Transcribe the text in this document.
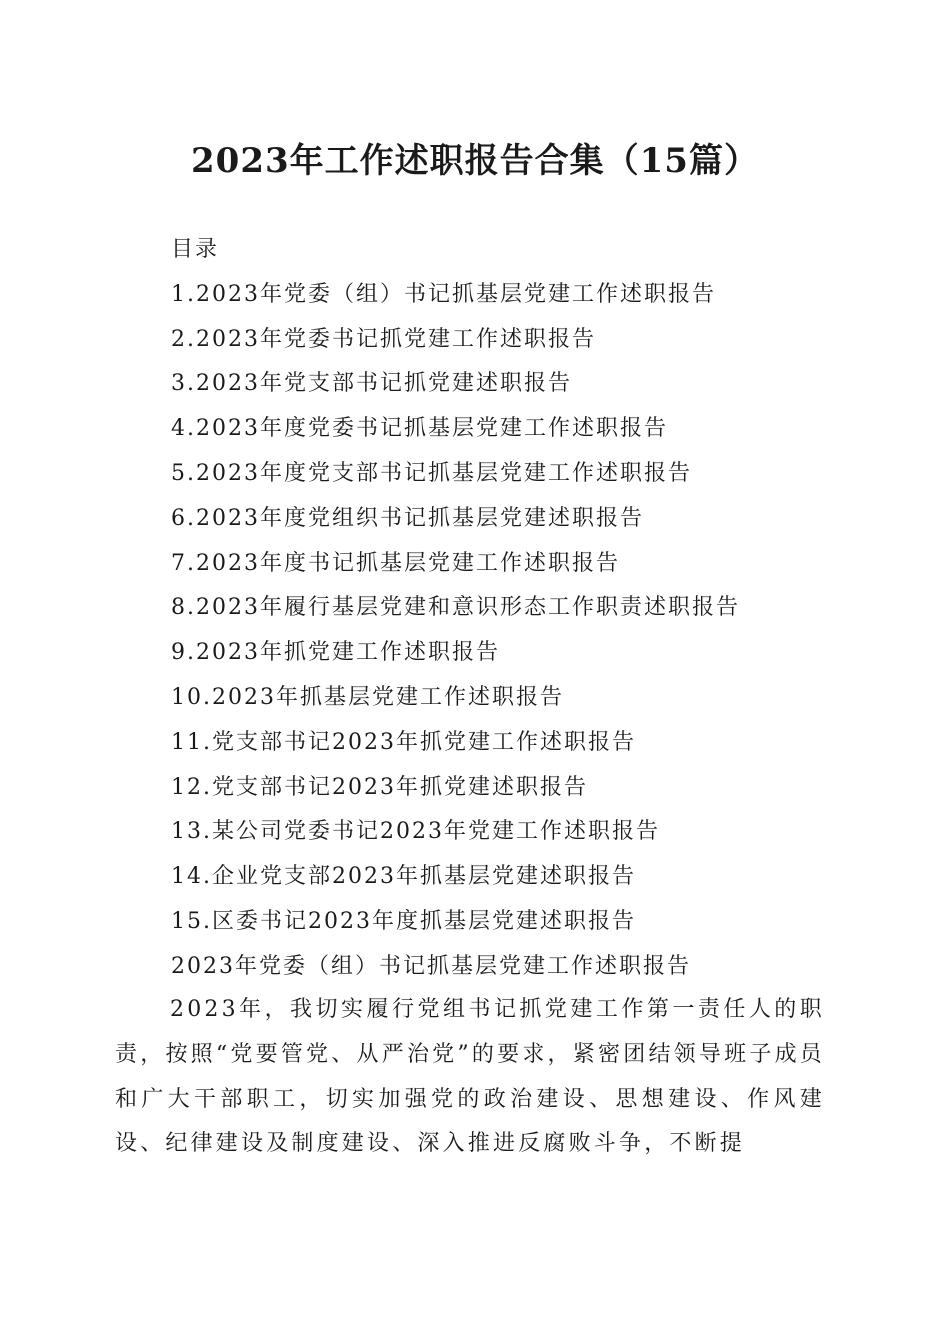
2023年工作述职报告合集（15篇）
目录
1.2023年党委（组）书记抓基层党建工作述职报告
2.2023年党委书记抓党建工作述职报告
3.2023年党支部书记抓党建述职报告
4.2023年度党委书记抓基层党建工作述职报告
5.2023年度党支部书记抓基层党建工作述职报告
6.2023年度党组织书记抓基层党建述职报告
7.2023年度书记抓基层党建工作述职报告
8.2023年履行基层党建和意识形态工作职责述职报告
9.2023年抓党建工作述职报告
10.2023年抓基层党建工作述职报告
11.党支部书记2023年抓党建工作述职报告
12.党支部书记2023年抓党建述职报告
13.某公司党委书记2023年党建工作述职报告
14.企业党支部2023年抓基层党建述职报告
15.区委书记2023年度抓基层党建述职报告
2023年党委（组）书记抓基层党建工作述职报告
2023年，我切实履行党组书记抓党建工作第一责任人的职责，按照“党要管党、从严治党”的要求，紧密团结领导班子成员和广大干部职工，切实加强党的政治建设、思想建设、作风建设、纪律建设及制度建设、深入推进反腐败斗争，不断提
